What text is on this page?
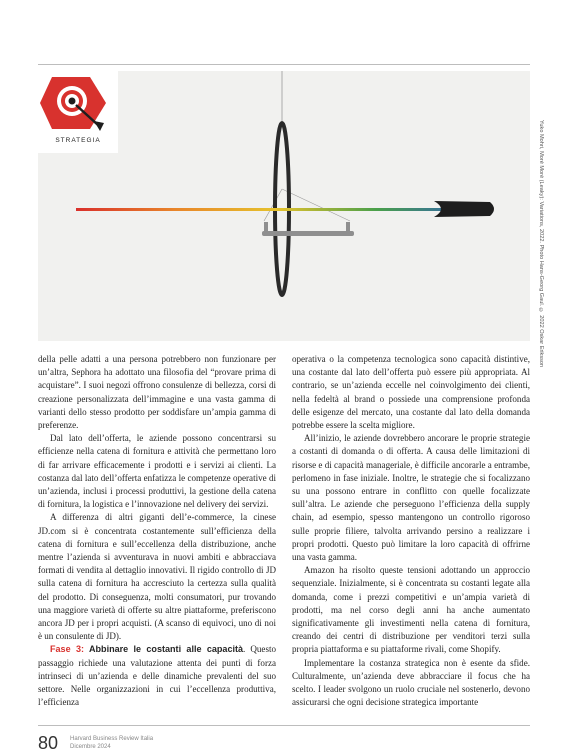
STRATEGIA	Yuko Mohri, Moré Moré (Leaky): Variations, 2022. Photo Hans-Georg Gaul. © 2022 Oskar Eriksson

della pelle adatti a una persona potrebbero non funzionare per un’altra, Sephora ha adottato una filosofia del “provare prima di acquistare”. I suoi negozi offrono consulenze di bellezza, corsi di creazione personalizzata dell’immagine e una vasta gamma di varianti dello stesso prodotto per soddisfare un’ampia gamma di preferenze.

Dal lato dell’offerta, le aziende possono concentrarsi su efficienze nella catena di fornitura e attività che permettano loro di far arrivare efficacemente i prodotti e i servizi ai clienti. La costanza dal lato dell’offerta enfatizza le competenze operative di un’azienda, inclusi i processi produttivi, la gestione della catena di fornitura, la logistica e l’innovazione nel delivery dei servizi.

A differenza di altri giganti dell’e-commerce, la cinese JD.com si è concentrata costantemente sull’efficienza della catena di fornitura e sull’eccellenza della distribuzione, anche mentre l’azienda si avventurava in nuovi ambiti e abbracciava formati di vendita al dettaglio innovativi. Il rigido controllo di JD sulla catena di fornitura ha accresciuto la certezza sulla qualità del prodotto. Di conseguenza, molti consumatori, pur trovando una maggiore varietà di offerte su altre piattaforme, preferiscono ancora JD per i propri acquisti. (A scanso di equivoci, uno di noi è un consulente di JD).

Fase 3: Abbinare le costanti alle capacità. Questo passaggio richiede una valutazione attenta dei punti di forza intrinseci di un’azienda e delle dinamiche prevalenti del suo settore. Nelle organizzazioni in cui l’eccellenza produttiva, l’efficienza

operativa o la competenza tecnologica sono capacità distintive, una costante dal lato dell’offerta può essere più appropriata. Al contrario, se un’azienda eccelle nel coinvolgimento dei clienti, nella fedeltà al brand o possiede una comprensione profonda delle esigenze del mercato, una costante dal lato della domanda potrebbe essere la scelta migliore.

All’inizio, le aziende dovrebbero ancorare le proprie strategie a costanti di domanda o di offerta. A causa delle limitazioni di risorse e di capacità manageriale, è difficile ancorarle a entrambe, perlomeno in fase iniziale. Inoltre, le strategie che si focalizzano su una possono entrare in conflitto con quelle focalizzate sull’altra. Le aziende che perseguono l’efficienza della supply chain, ad esempio, spesso mantengono un controllo rigoroso sulle proprie filiere, talvolta arrivando persino a realizzare i propri prodotti. Questo può limitare la loro capacità di offrirne una vasta gamma.

Amazon ha risolto queste tensioni adottando un approccio sequenziale. Inizialmente, si è concentrata su costanti legate alla domanda, come i prezzi competitivi e un’ampia varietà di prodotti, ma nel corso degli anni ha anche aumentato significativamente gli investimenti nella catena di fornitura, creando dei centri di distribuzione per venditori terzi sulla propria piattaforma e su piattaforme rivali, come Shopify.

Implementare la costanza strategica non è esente da sfide. Culturalmente, un’azienda deve abbracciare il focus che ha scelto. I leader svolgono un ruolo cruciale nel sostenerlo, devono assicurarsi che ogni decisione strategica importante

80 Harvard Business Review Italia
Dicembre 2024
